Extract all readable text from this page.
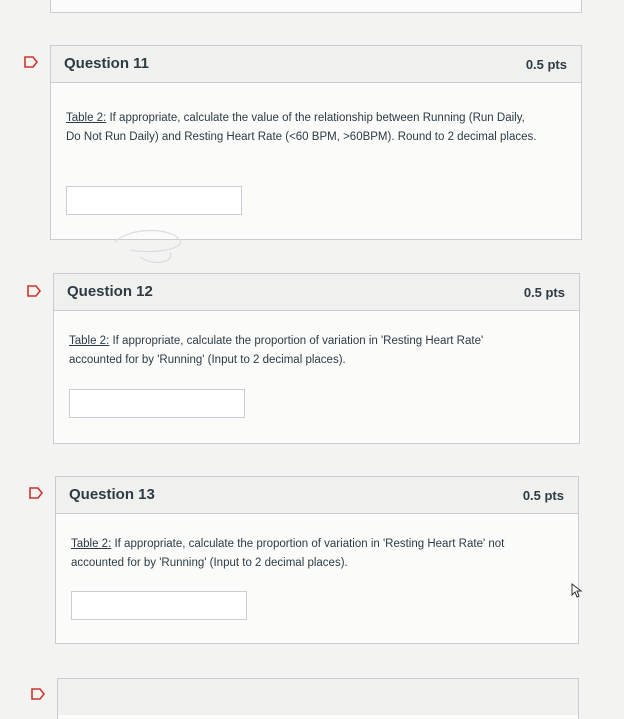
Question 11	0.5 pts
Table 2: If appropriate, calculate the value of the relationship between Running (Run Daily, Do Not Run Daily) and Resting Heart Rate (<60 BPM, >60BPM). Round to 2 decimal places.
Question 12	0.5 pts
Table 2: If appropriate, calculate the proportion of variation in 'Resting Heart Rate' accounted for by 'Running' (Input to 2 decimal places).
Question 13	0.5 pts
Table 2: If appropriate, calculate the proportion of variation in 'Resting Heart Rate' not accounted for by 'Running' (Input to 2 decimal places).
